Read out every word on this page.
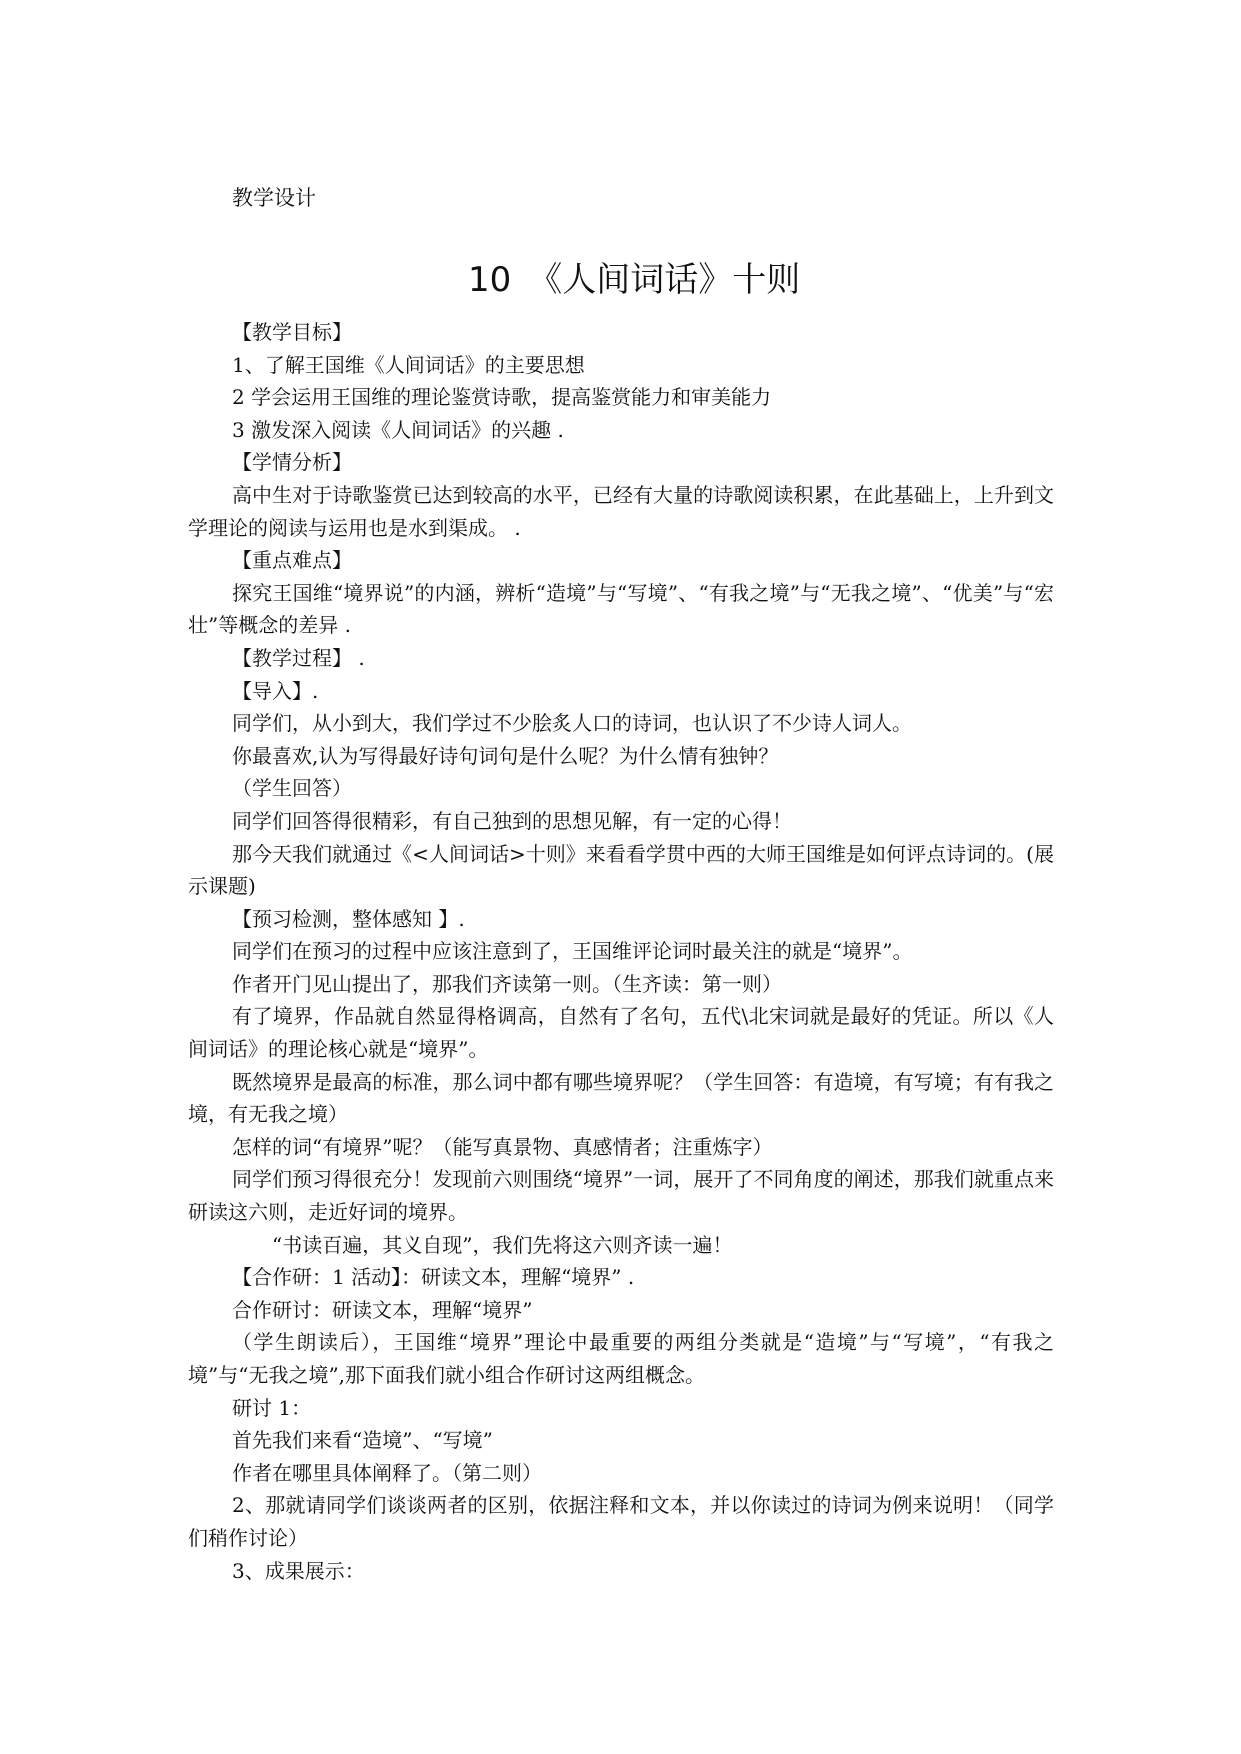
教学设计
10　《人间词话》十则

【教学目标】

1、了解王国维《人间词话》的主要思想

2 学会运用王国维的理论鉴赏诗歌，提高鉴赏能力和审美能力

3 激发深入阅读《人间词话》的兴趣 .

【学情分析】

高中生对于诗歌鉴赏已达到较高的水平，已经有大量的诗歌阅读积累，在此基础上，上升到文学理论的阅读与运用也是水到渠成。 .

【重点难点】

探究王国维“境界说”的内涵，辨析“造境”与“写境”、“有我之境”与“无我之境”、“优美”与“宏壮”等概念的差异 .

【教学过程】 .

【导入】.

同学们，从小到大，我们学过不少脍炙人口的诗词，也认识了不少诗人词人。

你最喜欢,认为写得最好诗句词句是什么呢？为什么情有独钟？

（学生回答）

同学们回答得很精彩，有自己独到的思想见解，有一定的心得！

那今天我们就通过《<人间词话>十则》来看看学贯中西的大师王国维是如何评点诗词的。(展示课题)

【预习检测，整体感知 】.

同学们在预习的过程中应该注意到了，王国维评论词时最关注的就是“境界”。

作者开门见山提出了，那我们齐读第一则。（生齐读：第一则）

有了境界，作品就自然显得格调高，自然有了名句，五代\北宋词就是最好的凭证。所以《人间词话》的理论核心就是“境界”。

既然境界是最高的标准，那么词中都有哪些境界呢？（学生回答：有造境，有写境；有有我之境，有无我之境）

怎样的词“有境界”呢？（能写真景物、真感情者；注重炼字）

同学们预习得很充分！发现前六则围绕“境界”一词，展开了不同角度的阐述，那我们就重点来研读这六则，走近好词的境界。

“书读百遍，其义自现”，我们先将这六则齐读一遍！

【合作研：1 活动】：研读文本，理解“境界” .

合作研讨：研读文本，理解“境界”

（学生朗读后），王国维“境界”理论中最重要的两组分类就是“造境”与“写境”，“有我之境”与“无我之境”,那下面我们就小组合作研讨这两组概念。

研讨 1：

首先我们来看“造境”、“写境”

作者在哪里具体阐释了。（第二则）

2、那就请同学们谈谈两者的区别，依据注释和文本，并以你读过的诗词为例来说明！（同学们稍作讨论）

3、成果展示：
